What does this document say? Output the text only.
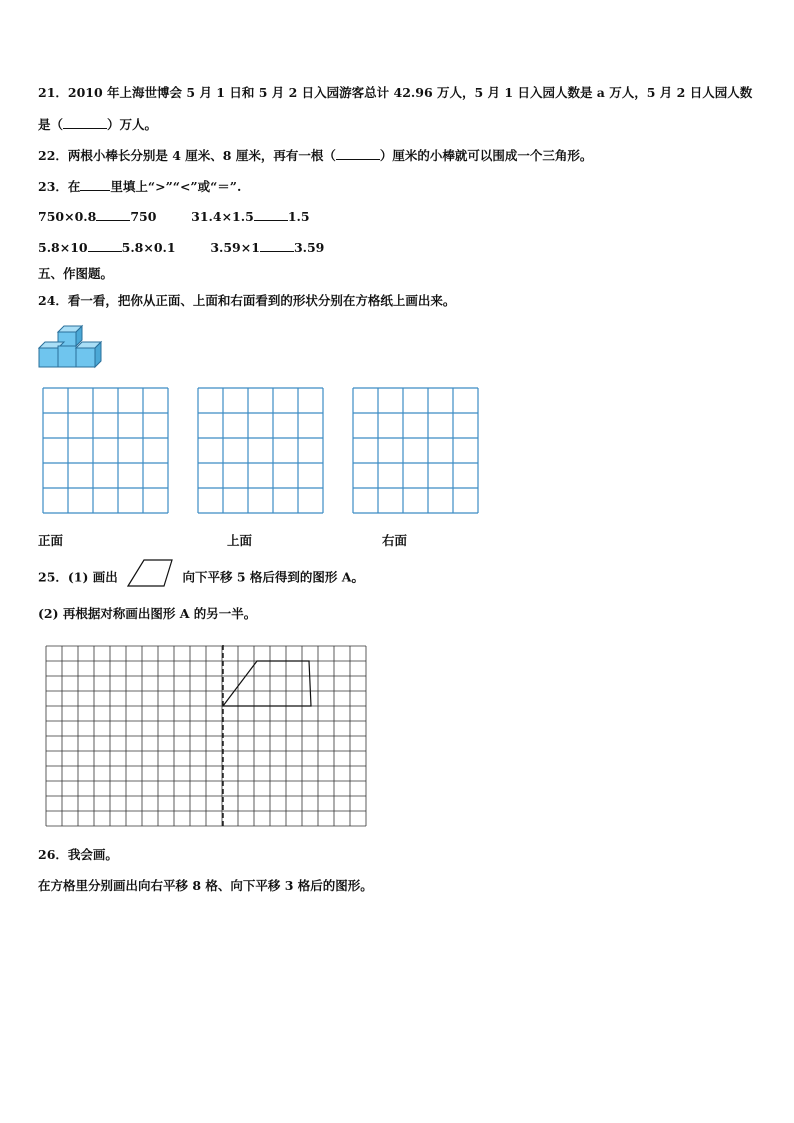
21．2010 年上海世博会 5 月 1 日和 5 月 2 日入园游客总计 42.96 万人，5 月 1 日入园人数是 a 万人，5 月 2 日人园人数
是（	）万人。
22．两根小棒长分别是 4 厘米、8 厘米，再有一根（	）厘米的小棒就可以围成一个三角形。
23．在 里填上“>”“<”或“＝”.
750×0.8	750	31.4×1.5	1.5
5.8×10	5.8×0.1	3.59×1	3.59
五、作图题。
24．看一看，把你从正面、上面和右面看到的形状分别在方格纸上画出来。
正面	上面	右面
25．(1) 画出	向下平移 5 格后得到的图形 A。
(2) 再根据对称画出图形 A 的另一半。
26．我会画。
在方格里分别画出向右平移 8 格、向下平移 3 格后的图形。
